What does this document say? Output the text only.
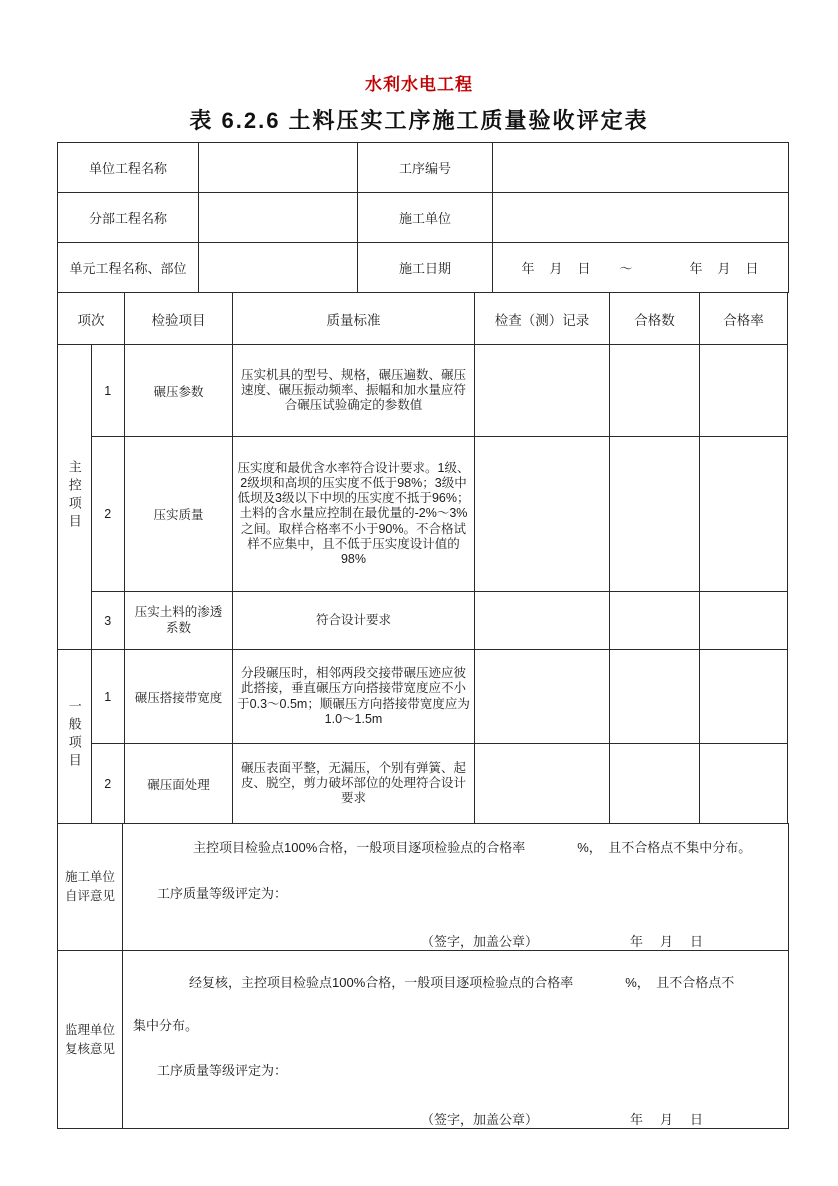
水利水电工程
表 6.2.6 土料压实工序施工质量验收评定表
单位工程名称		工序编号	
分部工程名称		施工单位	
单元工程名称、部位		施工日期	年　月　日　　～　　　　年　月　日
项次		检验项目	质量标准	检查（测）记录	合格数	合格率
主控项目	1	碾压参数	压实机具的型号、规格，碾压遍数、碾压速度、碾压振动频率、振幅和加水量应符合碾压试验确定的参数值			
	2	压实质量	压实度和最优含水率符合设计要求。1级、2级坝和高坝的压实度不低于98%；3级中低坝及3级以下中坝的压实度不抵于96%；土料的含水量应控制在最优量的-2%～3%之间。取样合格率不小于90%。不合格试样不应集中，且不低于压实度设计值的98%			
	3	压实土料的渗透系数	符合设计要求			
一般项目	1	碾压搭接带宽度	分段碾压时，相邻两段交接带碾压迹应彼此搭接，垂直碾压方向搭接带宽度应不小于0.3～0.5m；顺碾压方向搭接带宽度应为1.0～1.5m			
	2	碾压面处理	碾压表面平整，无漏压，个别有弹簧、起皮、脱空，剪力破坏部位的处理符合设计要求			
施工单位自评意见	主控项目检验点100%合格，一般项目逐项检验点的合格率　　　　%，　且不合格点不集中分布。
工序质量等级评定为：
（签字，加盖公章） 年　月　日

监理单位复核意见	经复核，主控项目检验点100%合格，一般项目逐项检验点的合格率　　　　%，　且不合格点不
集中分布。
工序质量等级评定为：
（签字，加盖公章） 年　月　日
